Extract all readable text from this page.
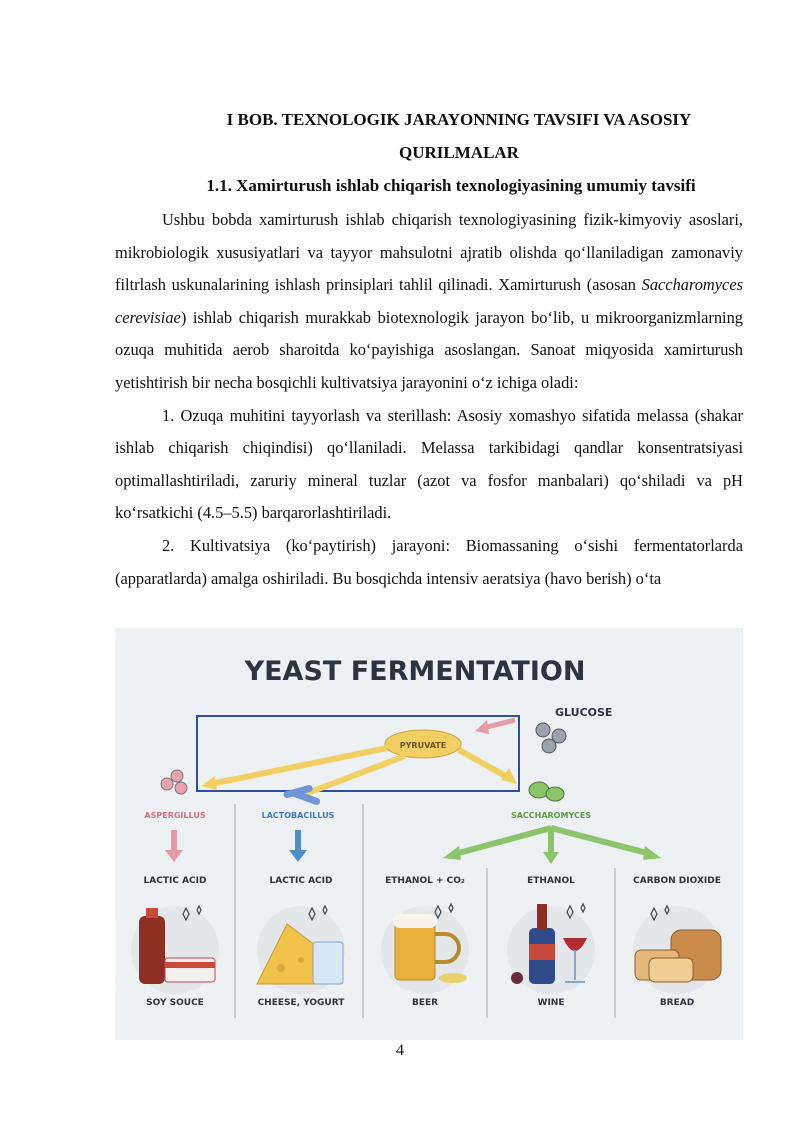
I BOB. TEXNOLOGIK JARAYONNING TAVSIFI VA ASOSIY
QURILMALAR
1.1. Xamirturush ishlab chiqarish texnologiyasining umumiy tavsifi

Ushbu bobda xamirturush ishlab chiqarish texnologiyasining fizik-kimyoviy asoslari, mikrobiologik xususiyatlari va tayyor mahsulotni ajratib olishda qo‘llaniladigan zamonaviy filtrlash uskunalarining ishlash prinsiplari tahlil qilinadi. Xamirturush (asosan Saccharomyces cerevisiae) ishlab chiqarish murakkab biotexnologik jarayon bo‘lib, u mikroorganizmlarning ozuqa muhitida aerob sharoitda ko‘payishiga asoslangan. Sanoat miqyosida xamirturush yetishtirish bir necha bosqichli kultivatsiya jarayonini o‘z ichiga oladi:

1. Ozuqa muhitini tayyorlash va sterillash: Asosiy xomashyo sifatida melassa (shakar ishlab chiqarish chiqindisi) qo‘llaniladi. Melassa tarkibidagi qandlar konsentratsiyasi optimallashtiriladi, zaruriy mineral tuzlar (azot va fosfor manbalari) qo‘shiladi va pH ko‘rsatkichi (4.5–5.5) barqarorlashtiriladi.

2. Kultivatsiya (ko‘paytirish) jarayoni: Biomassaning o‘sishi fermentatorlarda (apparatlarda) amalga oshiriladi. Bu bosqichda intensiv aeratsiya (havo berish) o‘ta

YEAST FERMENTATION
GLUCOSE
PYRUVATE
ASPERGILLUS	LACTOBACILLUS	SACCHAROMYCES
LACTIC ACID	LACTIC ACID	ETHANOL + CO₂	ETHANOL	CARBON DIOXIDE
SOY SOUCE	CHEESE, YOGURT	BEER	WINE	BREAD
4
